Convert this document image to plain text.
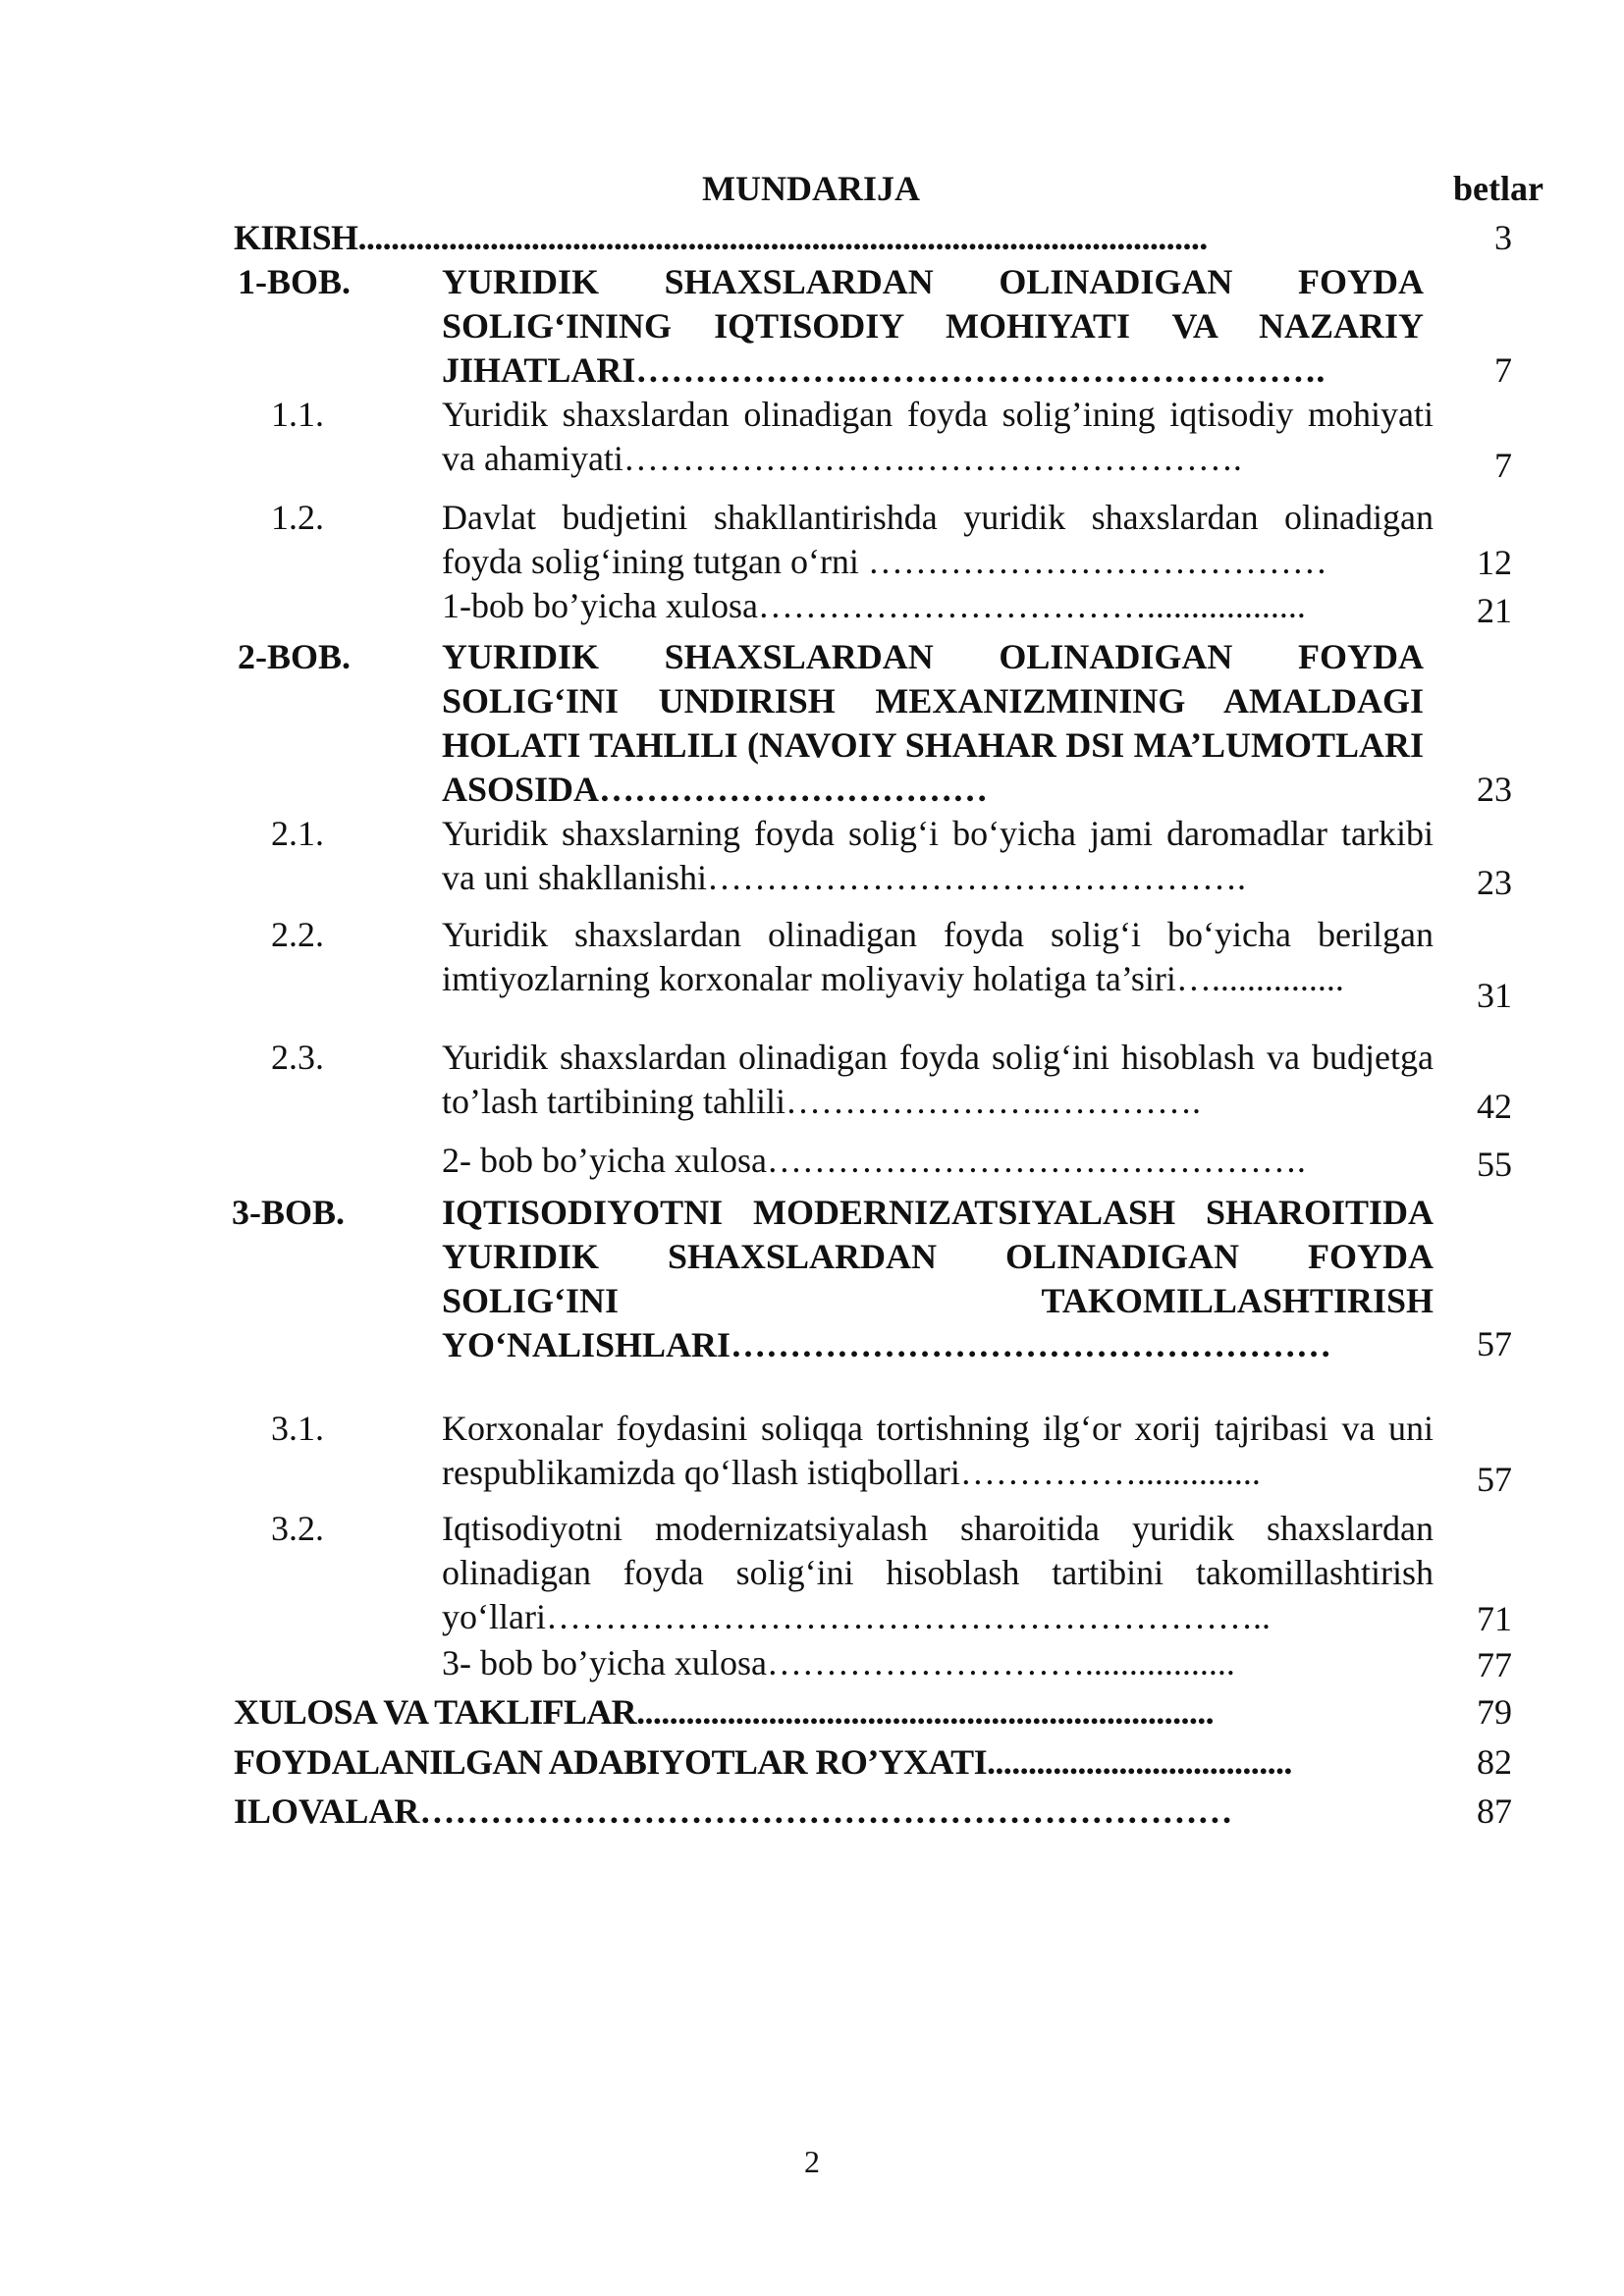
MUNDARIJA	betlar
KIRISH.......................................................................................................	3
1-BOB.	YURIDIK SHAXSLARDAN OLINADIGAN FOYDA SOLIG‘INING IQTISODIY MOHIYATI VA NAZARIY JIHATLARI……………….………………………………….	7
1.1.	Yuridik shaxslardan olinadigan foyda solig’ining iqtisodiy mohiyati va ahamiyati…………………….……………………….	7
1.2.	Davlat budjetini shakllantirishda yuridik shaxslardan olinadigan foyda solig‘ining tutgan o‘rni …………………………………	12
1-bob bo’yicha xulosa……………………………..................	21
2-BOB.	YURIDIK SHAXSLARDAN OLINADIGAN FOYDA SOLIG‘INI UNDIRISH MEXANIZMINING AMALDAGI HOLATI TAHLILI (NAVOIY SHAHAR DSI MA’LUMOTLARI ASOSIDA……………………………	23
2.1.	Yuridik shaxslarning foyda solig‘i bo‘yicha jami daromadlar tarkibi va uni shakllanishi……………………………………….	23
2.2.	Yuridik shaxslardan olinadigan foyda solig‘i bo‘yicha berilgan imtiyozlarning korxonalar moliyaviy holatiga ta’siri…...............	31
2.3.	Yuridik shaxslardan olinadigan foyda solig‘ini hisoblash va budjetga to’lash tartibining tahlili…………………..………….	42
2- bob bo’yicha xulosa……………………………………….	55
3-BOB.	IQTISODIYOTNI MODERNIZATSIYALASH SHAROITIDA YURIDIK SHAXSLARDAN OLINADIGAN FOYDA SOLIG‘INI TAKOMILLASHTIRISH YO‘NALISHLARI……………………………………………	57
3.1.	Korxonalar foydasini soliqqa tortishning ilg‘or xorij tajribasi va uni respublikamizda qo‘llash istiqbollari……………..............	57
3.2.	Iqtisodiyotni modernizatsiyalash sharoitida yuridik shaxslardan olinadigan foyda solig‘ini hisoblash tartibini takomillashtirish yo‘llari……………………………………………………..	71
3- bob bo’yicha xulosa……………………….................	77
XULOSA VA TAKLIFLAR......................................................................	79
FOYDALANILGAN ADABIYOTLAR RO’YXATI.....................................	82
ILOVALAR……………………………………………………………	87
2
